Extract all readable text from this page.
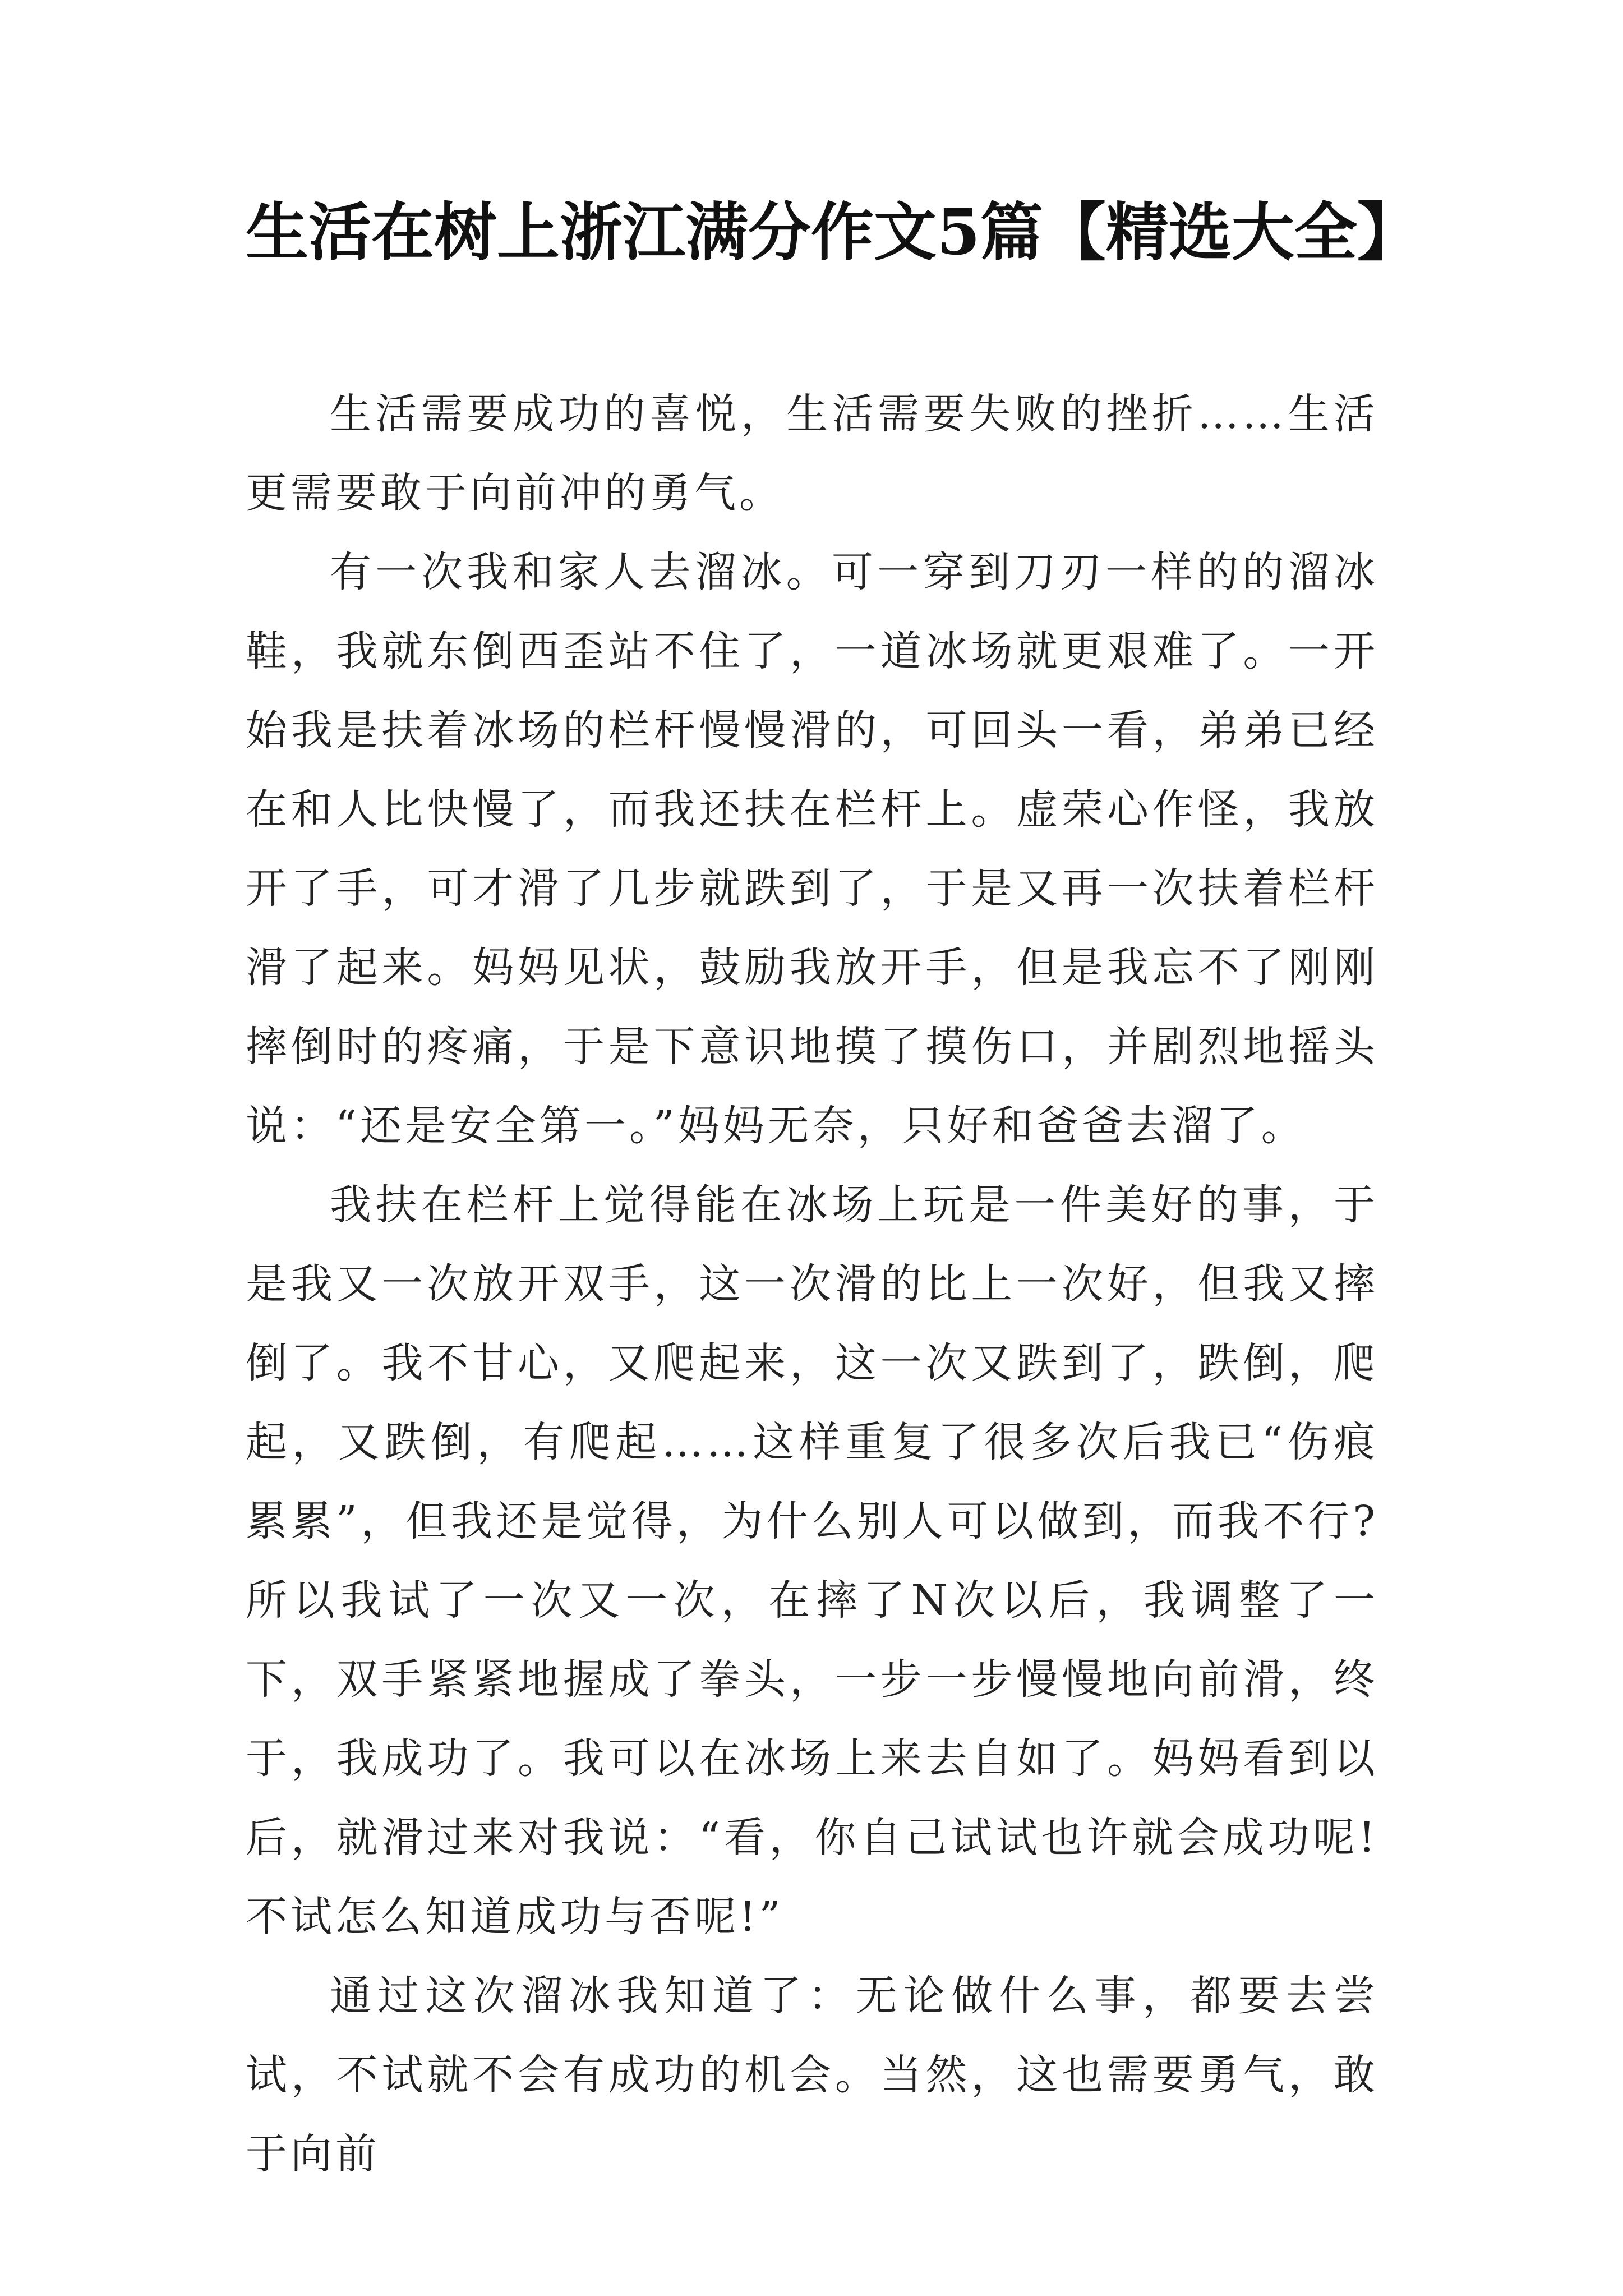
生活在树上浙江满分作文5篇【精选大全】

生活需要成功的喜悦，生活需要失败的挫折……生活更需要敢于向前冲的勇气。

有一次我和家人去溜冰。可一穿到刀刃一样的的溜冰鞋，我就东倒西歪站不住了，一道冰场就更艰难了。一开始我是扶着冰场的栏杆慢慢滑的，可回头一看，弟弟已经在和人比快慢了，而我还扶在栏杆上。虚荣心作怪，我放开了手，可才滑了几步就跌到了，于是又再一次扶着栏杆滑了起来。妈妈见状，鼓励我放开手，但是我忘不了刚刚摔倒时的疼痛，于是下意识地摸了摸伤口，并剧烈地摇头说：“还是安全第一。”妈妈无奈，只好和爸爸去溜了。

我扶在栏杆上觉得能在冰场上玩是一件美好的事，于是我又一次放开双手，这一次滑的比上一次好，但我又摔倒了。我不甘心，又爬起来，这一次又跌到了，跌倒，爬起，又跌倒，有爬起……这样重复了很多次后我已“伤痕累累”，但我还是觉得，为什么别人可以做到，而我不行?所以我试了一次又一次，在摔了N次以后，我调整了一下，双手紧紧地握成了拳头，一步一步慢慢地向前滑，终于，我成功了。我可以在冰场上来去自如了。妈妈看到以后，就滑过来对我说：“看，你自己试试也许就会成功呢!不试怎么知道成功与否呢!”

通过这次溜冰我知道了：无论做什么事，都要去尝试，不试就不会有成功的机会。当然，这也需要勇气，敢于向前
